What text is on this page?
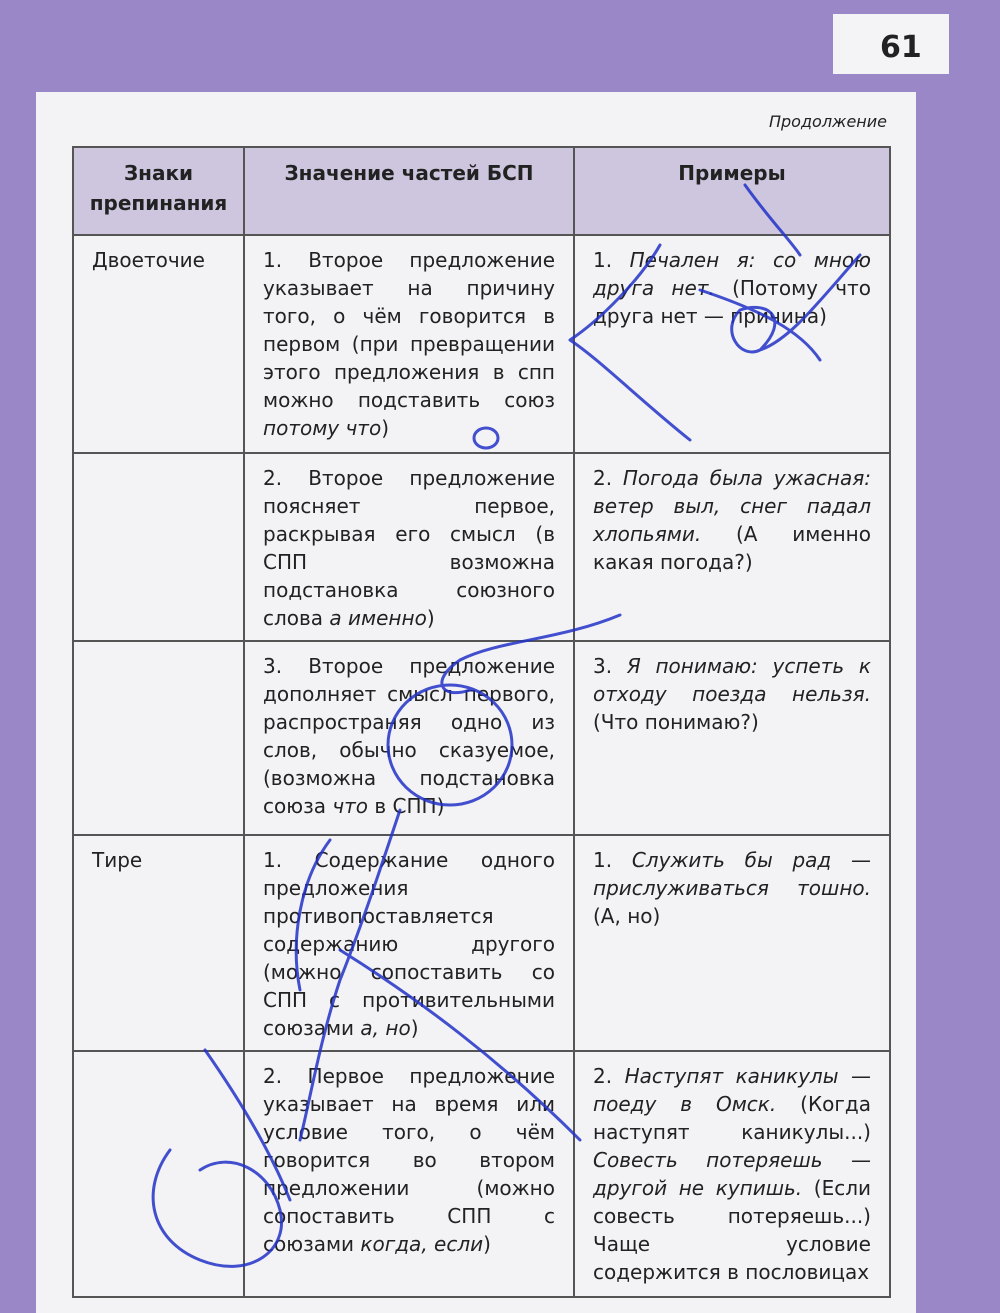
61
Продолжение
Знаки препинания	Значение частей БСП	Примеры
Двоеточие	1. Второе предложение указывает на причину того, о чём говорится в первом (при превращении этого предложения в спп можно подставить союз потому что)	1. Печален я: со мною друга нет. (Потому что друга нет — причина)
	2. Второе предложение поясняет первое, раскрывая его смысл (в СПП возможна подстановка союзного слова а именно)	2. Погода была ужасная: ветер выл, снег падал хлопьями. (А именно какая погода?)
	3. Второе предложение дополняет смысл первого, распространяя одно из слов, обычно сказуемое, (возможна подстановка союза что в СПП)	3. Я понимаю: успеть к отходу поезда нельзя. (Что понимаю?)
Тире	1. Содержание одного предложения противопоставляется содержанию другого (можно сопоставить со СПП с противительными союзами а, но)	1. Служить бы рад — прислуживаться тошно. (А, но)
	2. Первое предложение указывает на время или условие того, о чём говорится во втором предложении (можно сопоставить СПП с союзами когда, если)	2. Наступят каникулы — поеду в Омск. (Когда наступят каникулы...) Совесть потеряешь — другой не купишь. (Если совесть потеряешь...) Чаще условие содержится в пословицах
